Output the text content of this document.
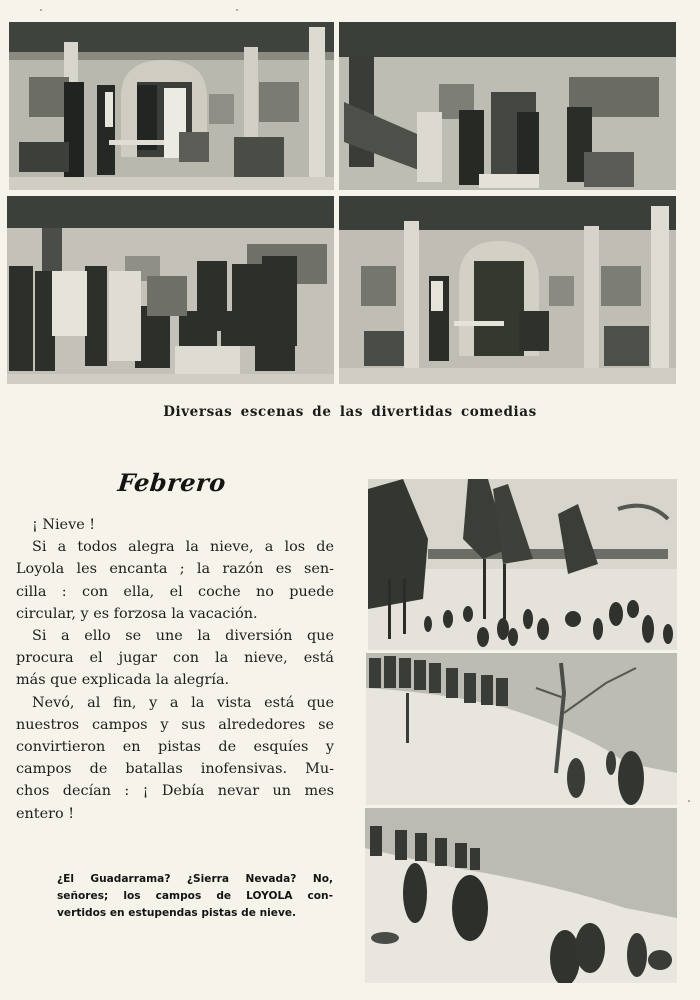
Diversas escenas de las divertidas comedias
Febrero
¡ Nieve !
Si a todos alegra la nieve, a los de
Loyola les encanta ; la razón es sen-
cilla : con ella, el coche no puede
circular, y es forzosa la vacación.
Si a ello se une la diversión que
procura el jugar con la nieve, está
más que explicada la alegría.
Nevó, al fin, y a la vista está que
nuestros campos y sus alrededores se
convirtieron en pistas de esquíes y
campos de batallas inofensivas. Mu-
chos decían : ¡ Debía nevar un mes
entero !
¿El Guadarrama? ¿Sierra Nevada? No,
señores; los campos de LOYOLA con-
vertidos en estupendas pistas de nieve.
